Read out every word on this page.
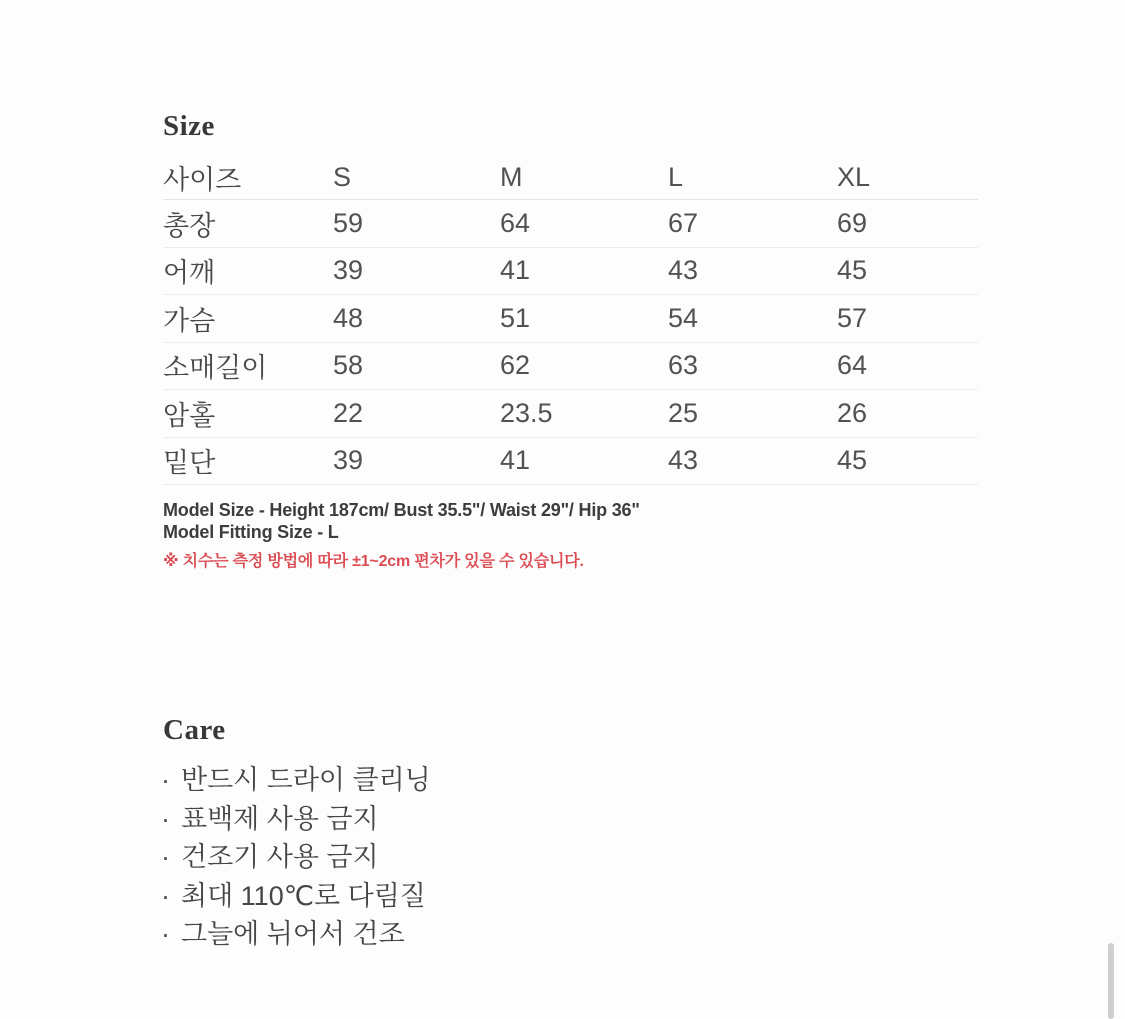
Size
사이즈	S	M	L	XL
총장	59	64	67	69
어깨	39	41	43	45
가슴	48	51	54	57
소매길이	58	62	63	64
암홀	22	23.5	25	26
밑단	39	41	43	45
Model Size - Height 187cm/ Bust 35.5"/ Waist 29"/ Hip 36"
Model Fitting Size - L
※ 치수는 측정 방법에 따라 ±1~2cm 편차가 있을 수 있습니다.
Care
· 반드시 드라이 클리닝
· 표백제 사용 금지
· 건조기 사용 금지
· 최대 110℃로 다림질
· 그늘에 뉘어서 건조
